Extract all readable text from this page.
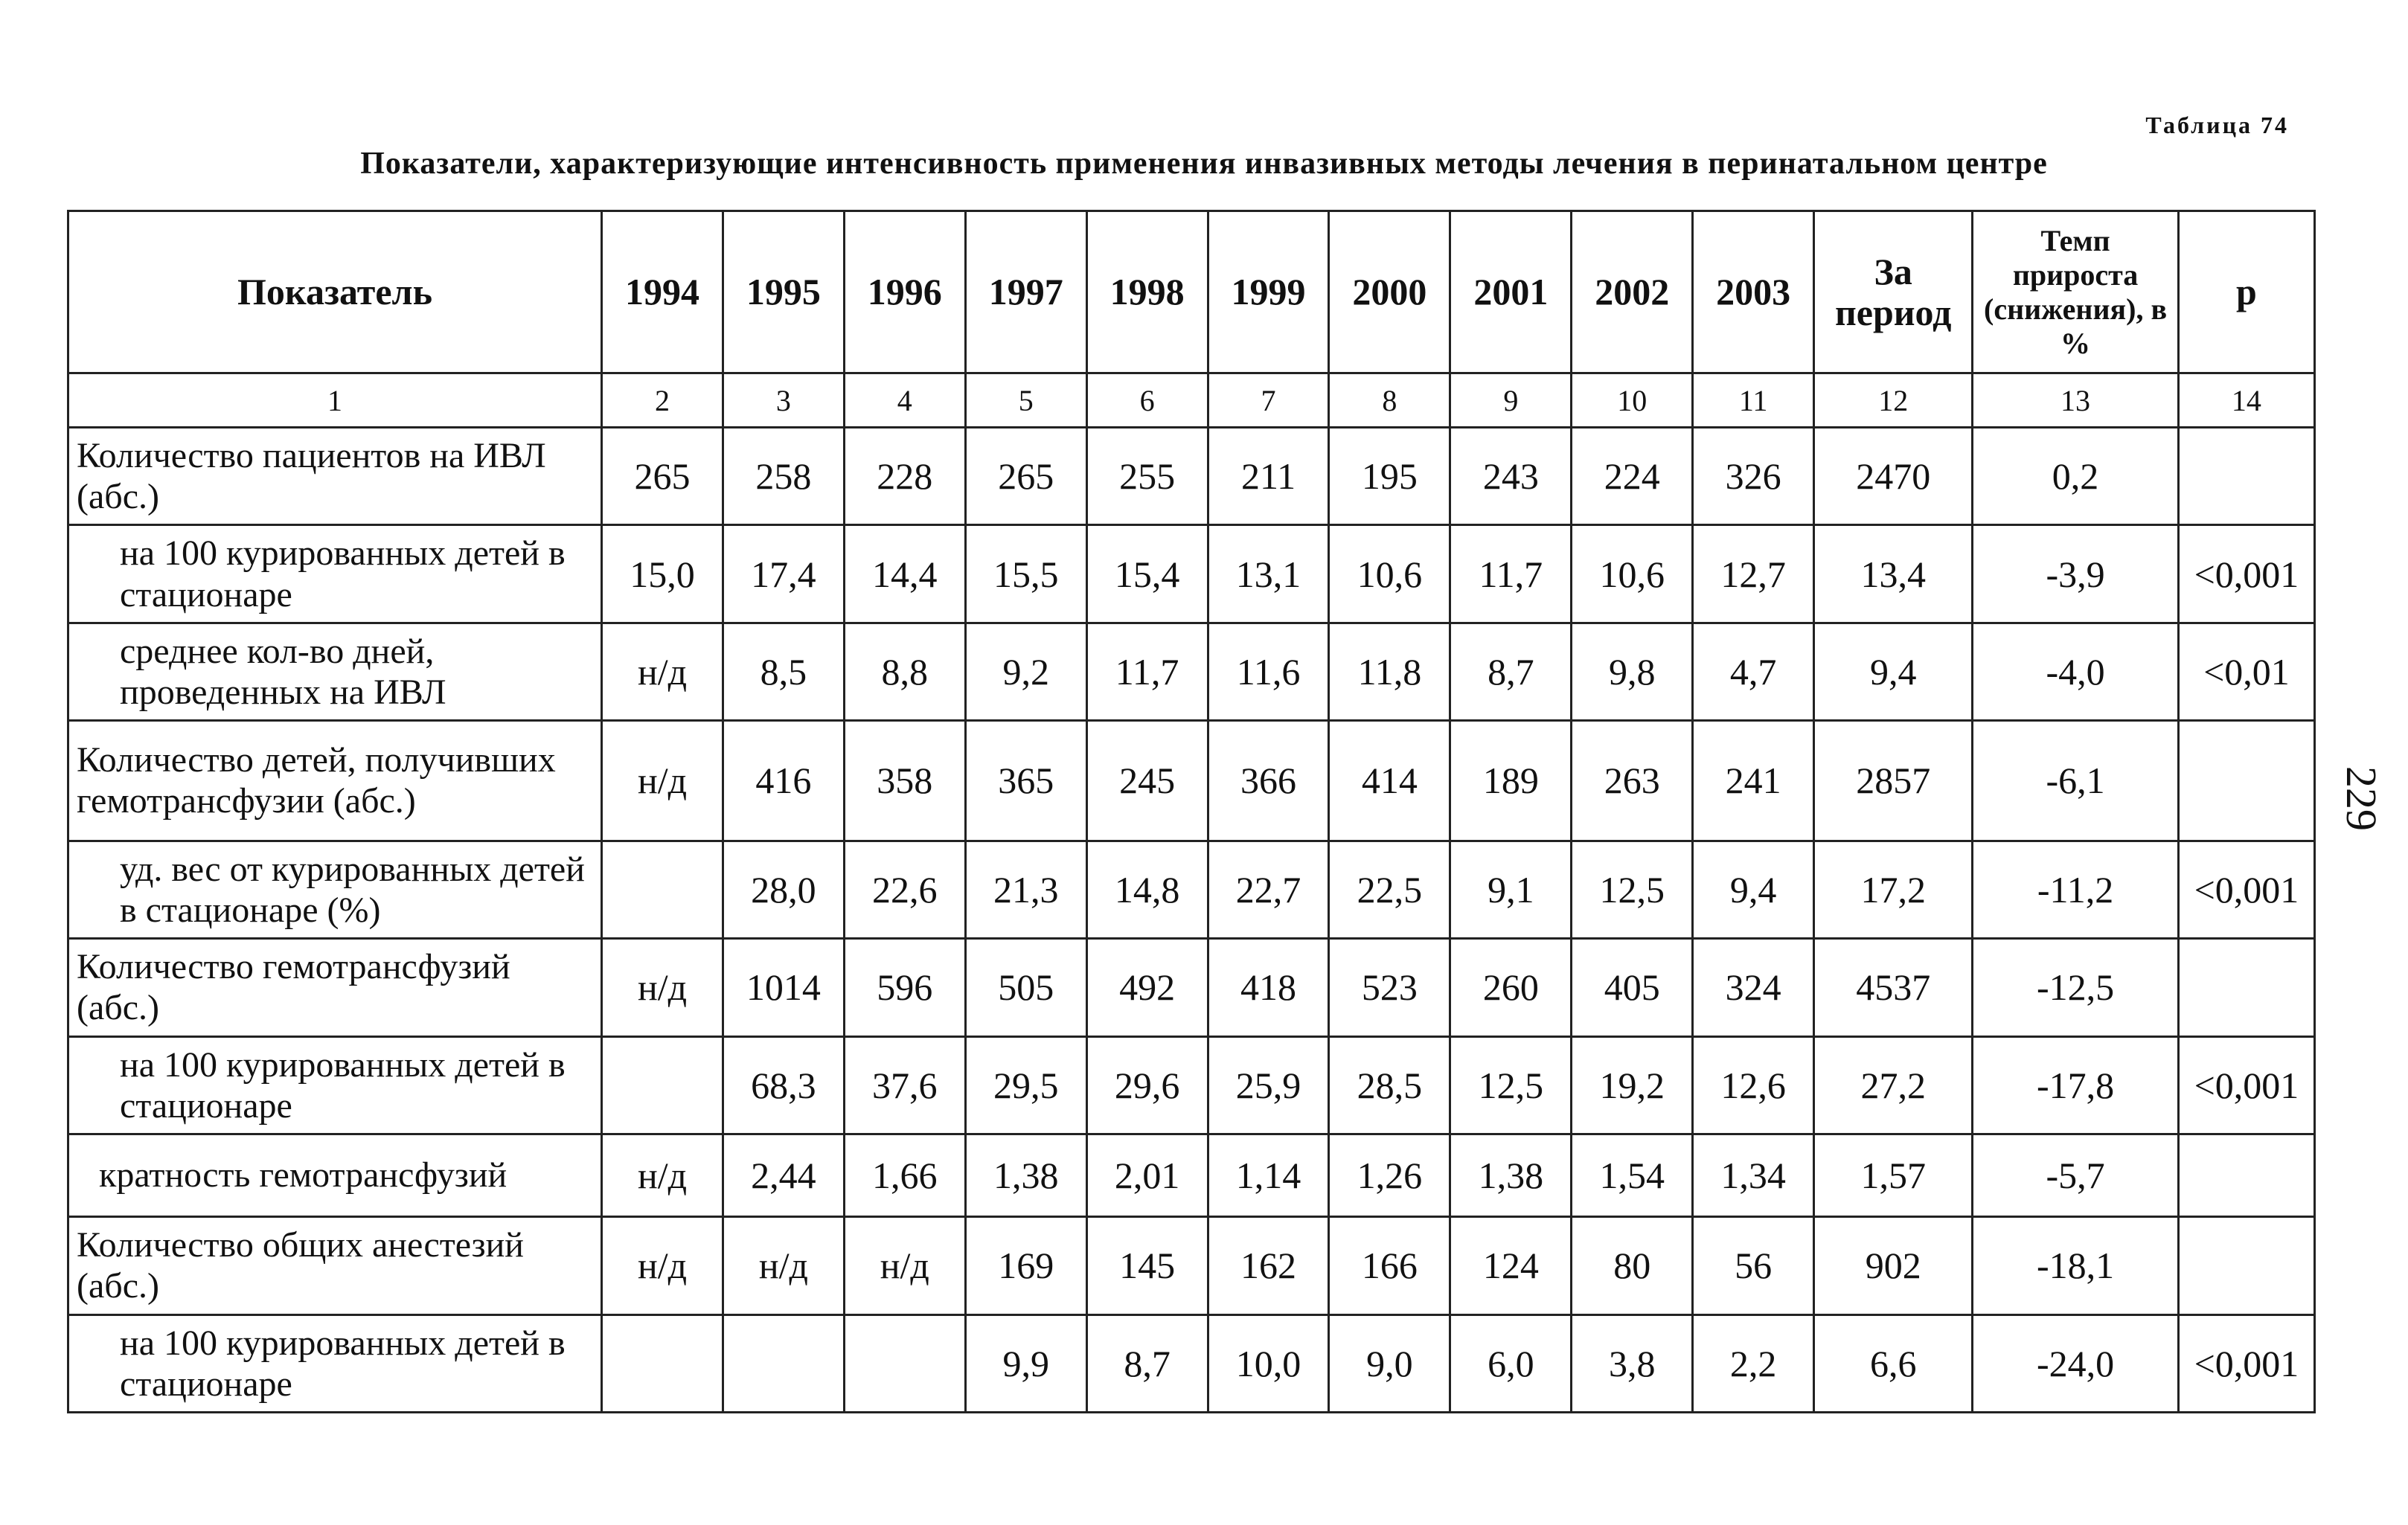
Таблица 74
Показатели, характеризующие интенсивность применения инвазивных методы лечения в перинатальном центре
229
Показатель	1994	1995	1996	1997	1998	1999	2000	2001	2002	2003	За период	Темп прироста (снижения), в %	p
1	2	3	4	5	6	7	8	9	10	11	12	13	14
Количество пациентов на ИВЛ (абс.)	265	258	228	265	255	211	195	243	224	326	2470	0,2	
на 100 курированных детей в стационаре	15,0	17,4	14,4	15,5	15,4	13,1	10,6	11,7	10,6	12,7	13,4	-3,9	<0,001
среднее кол-во дней, проведенных на ИВЛ	н/д	8,5	8,8	9,2	11,7	11,6	11,8	8,7	9,8	4,7	9,4	-4,0	<0,01
Количество детей, получивших гемотрансфузии (абс.)	н/д	416	358	365	245	366	414	189	263	241	2857	-6,1	
уд. вес от курированных детей в стационаре (%)		28,0	22,6	21,3	14,8	22,7	22,5	9,1	12,5	9,4	17,2	-11,2	<0,001
Количество гемотрансфузий (абс.)	н/д	1014	596	505	492	418	523	260	405	324	4537	-12,5	
на 100 курированных детей в стационаре		68,3	37,6	29,5	29,6	25,9	28,5	12,5	19,2	12,6	27,2	-17,8	<0,001
кратность гемотрансфузий	н/д	2,44	1,66	1,38	2,01	1,14	1,26	1,38	1,54	1,34	1,57	-5,7	
Количество общих анестезий (абс.)	н/д	н/д	н/д	169	145	162	166	124	80	56	902	-18,1	
на 100 курированных детей в стационаре				9,9	8,7	10,0	9,0	6,0	3,8	2,2	6,6	-24,0	<0,001
